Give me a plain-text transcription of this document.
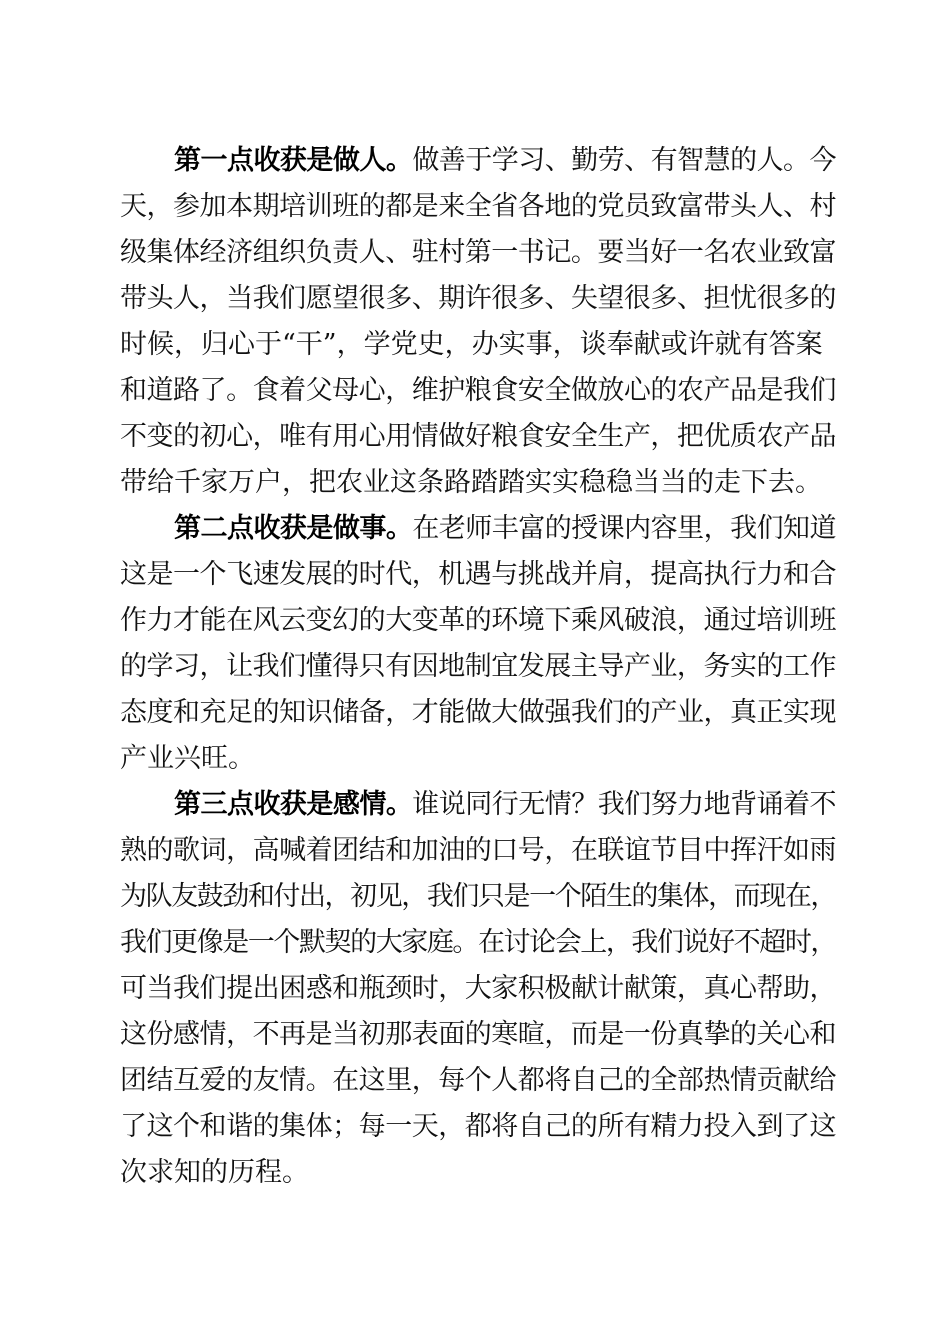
第一点收获是做人。做善于学习、勤劳、有智慧的人。今
天，参加本期培训班的都是来全省各地的党员致富带头人、村
级集体经济组织负责人、驻村第一书记。要当好一名农业致富
带头人，当我们愿望很多、期许很多、失望很多、担忧很多的
时候，归心于“干”，学党史，办实事，谈奉献或许就有答案
和道路了。食着父母心，维护粮食安全做放心的农产品是我们
不变的初心，唯有用心用情做好粮食安全生产，把优质农产品
带给千家万户，把农业这条路踏踏实实稳稳当当的走下去。
第二点收获是做事。在老师丰富的授课内容里，我们知道
这是一个飞速发展的时代，机遇与挑战并肩，提高执行力和合
作力才能在风云变幻的大变革的环境下乘风破浪，通过培训班
的学习，让我们懂得只有因地制宜发展主导产业，务实的工作
态度和充足的知识储备，才能做大做强我们的产业，真正实现
产业兴旺。
第三点收获是感情。谁说同行无情？我们努力地背诵着不
熟的歌词，高喊着团结和加油的口号，在联谊节目中挥汗如雨
为队友鼓劲和付出，初见，我们只是一个陌生的集体，而现在，
我们更像是一个默契的大家庭。在讨论会上，我们说好不超时，
可当我们提出困惑和瓶颈时，大家积极献计献策，真心帮助，
这份感情，不再是当初那表面的寒暄，而是一份真挚的关心和
团结互爱的友情。在这里，每个人都将自己的全部热情贡献给
了这个和谐的集体；每一天，都将自己的所有精力投入到了这
次求知的历程。
